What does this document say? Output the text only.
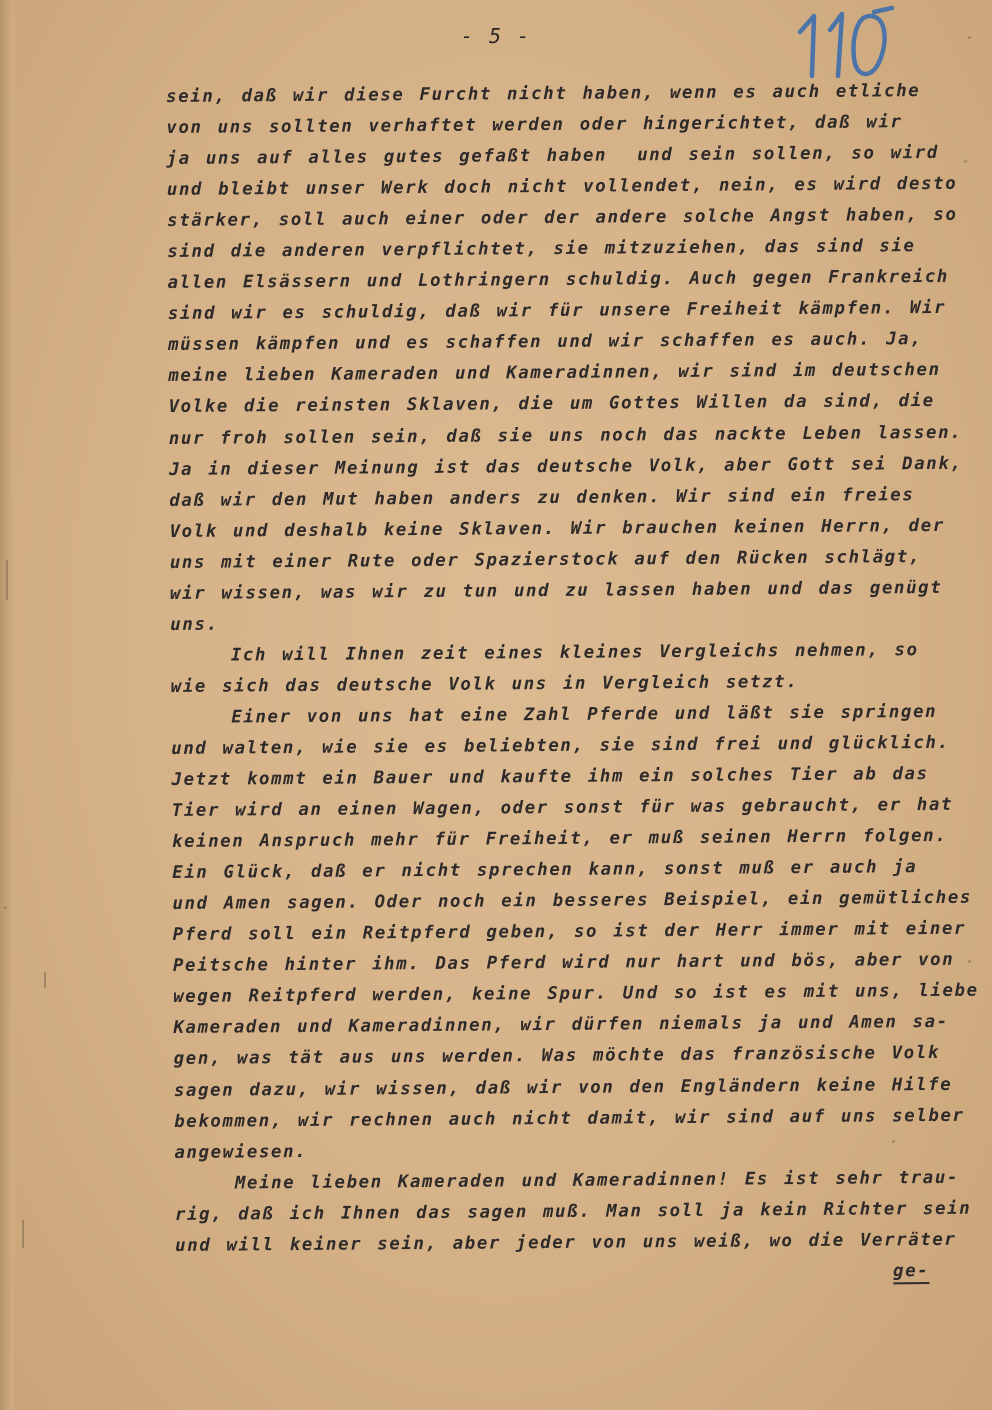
- 5 -
sein, daß wir diese Furcht nicht haben, wenn es auch etliche
von uns sollten verhaftet werden oder hingerichtet, daß wir
ja uns auf alles gutes gefaßt haben  und sein sollen, so wird
und bleibt unser Werk doch nicht vollendet, nein, es wird desto
stärker, soll auch einer oder der andere solche Angst haben, so
sind die anderen verpflichtet, sie mitzuziehen, das sind sie
allen Elsässern und Lothringern schuldig. Auch gegen Frankreich
sind wir es schuldig, daß wir für unsere Freiheit kämpfen. Wir
müssen kämpfen und es schaffen und wir schaffen es auch. Ja,
meine lieben Kameraden und Kameradinnen, wir sind im deutschen
Volke die reinsten Sklaven, die um Gottes Willen da sind, die
nur froh sollen sein, daß sie uns noch das nackte Leben lassen.
Ja in dieser Meinung ist das deutsche Volk, aber Gott sei Dank,
daß wir den Mut haben anders zu denken. Wir sind ein freies
Volk und deshalb keine Sklaven. Wir brauchen keinen Herrn, der
uns mit einer Rute oder Spazierstock auf den Rücken schlägt,
wir wissen, was wir zu tun und zu lassen haben und das genügt
uns.
Ich will Ihnen zeit eines kleines Vergleichs nehmen, so
wie sich das deutsche Volk uns in Vergleich setzt.
Einer von uns hat eine Zahl Pferde und läßt sie springen
und walten, wie sie es beliebten, sie sind frei und glücklich.
Jetzt kommt ein Bauer und kaufte ihm ein solches Tier ab das
Tier wird an einen Wagen, oder sonst für was gebraucht, er hat
keinen Anspruch mehr für Freiheit, er muß seinen Herrn folgen.
Ein Glück, daß er nicht sprechen kann, sonst muß er auch ja
und Amen sagen. Oder noch ein besseres Beispiel, ein gemütliches
Pferd soll ein Reitpferd geben, so ist der Herr immer mit einer
Peitsche hinter ihm. Das Pferd wird nur hart und bös, aber von
wegen Reitpferd werden, keine Spur. Und so ist es mit uns, liebe
Kameraden und Kameradinnen, wir dürfen niemals ja und Amen sa-
gen, was tät aus uns werden. Was möchte das französische Volk
sagen dazu, wir wissen, daß wir von den Engländern keine Hilfe
bekommen, wir rechnen auch nicht damit, wir sind auf uns selber
angewiesen.
Meine lieben Kameraden und Kameradinnen! Es ist sehr trau-
rig, daß ich Ihnen das sagen muß. Man soll ja kein Richter sein
und will keiner sein, aber jeder von uns weiß, wo die Verräter
ge-
